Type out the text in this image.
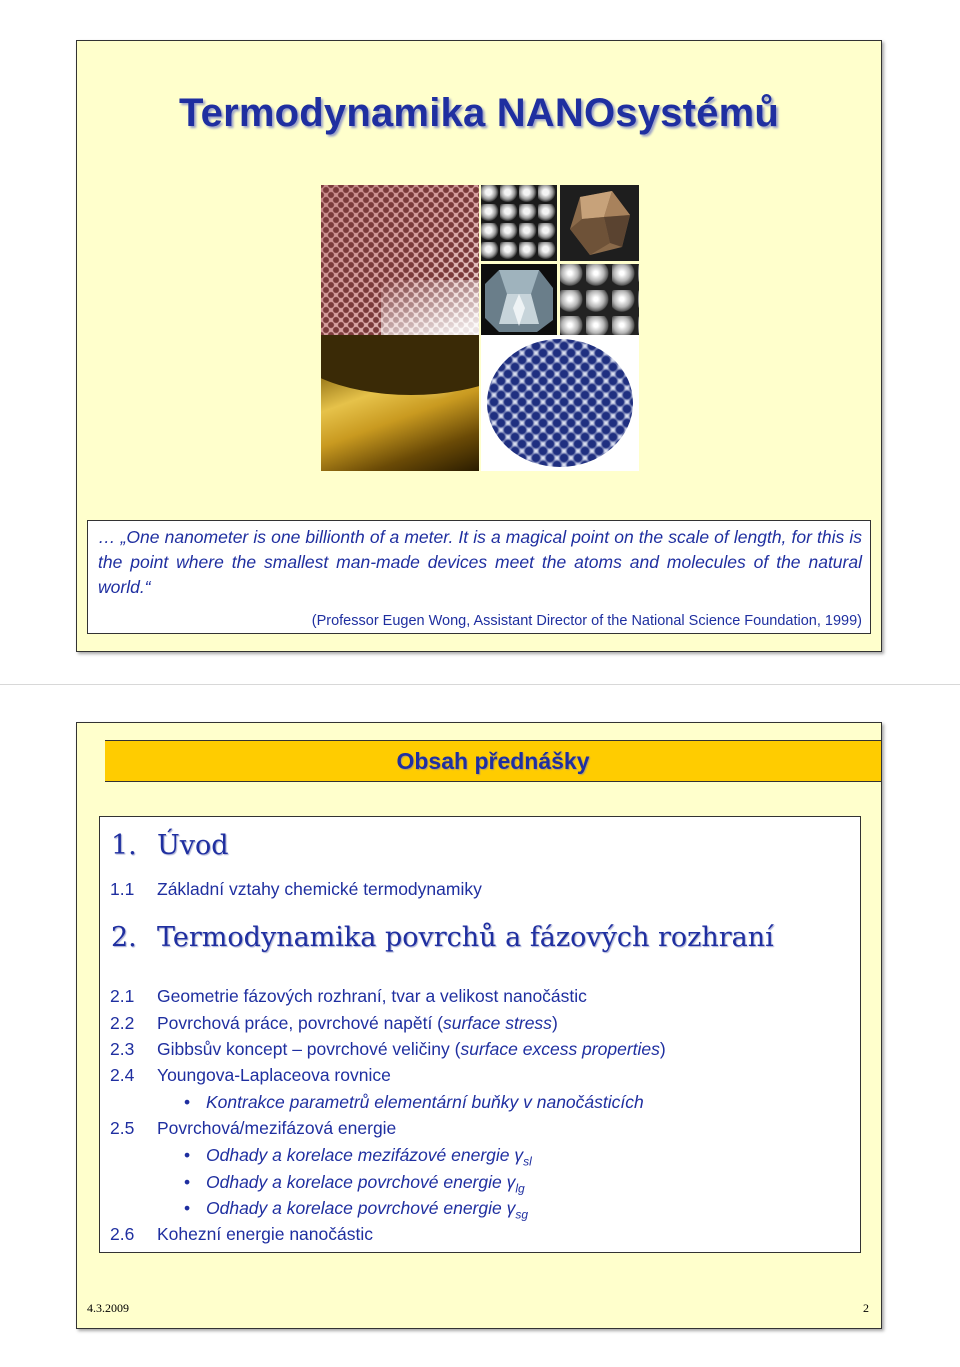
Termodynamika NANOsystémů

… „One nanometer is one billionth of a meter. It is a magical point on the scale of length, for this is the point where the smallest man-made devices meet the atoms and molecules of the natural world.“

(Professor Eugen Wong, Assistant Director of the National Science Foundation, 1999)
Obsah přednášky
1. Úvod
1.1 Základní vztahy chemické termodynamiky
2. Termodynamika povrchů a fázových rozhraní
2.1 Geometrie fázových rozhraní, tvar a velikost nanočástic
2.2 Povrchová práce, povrchové napětí (surface stress)
2.3 Gibbsův koncept – povrchové veličiny (surface excess properties)
2.4 Youngova-Laplaceova rovnice
• Kontrakce parametrů elementární buňky v nanočásticích
2.5 Povrchová/mezifázová energie
• Odhady a korelace mezifázové energie $\gamma_{sl}$
• Odhady a korelace povrchové energie $\gamma_{lg}$
• Odhady a korelace povrchové energie $\gamma_{sg}$
2.6 Kohezní energie nanočástic
4.3.2009	2
